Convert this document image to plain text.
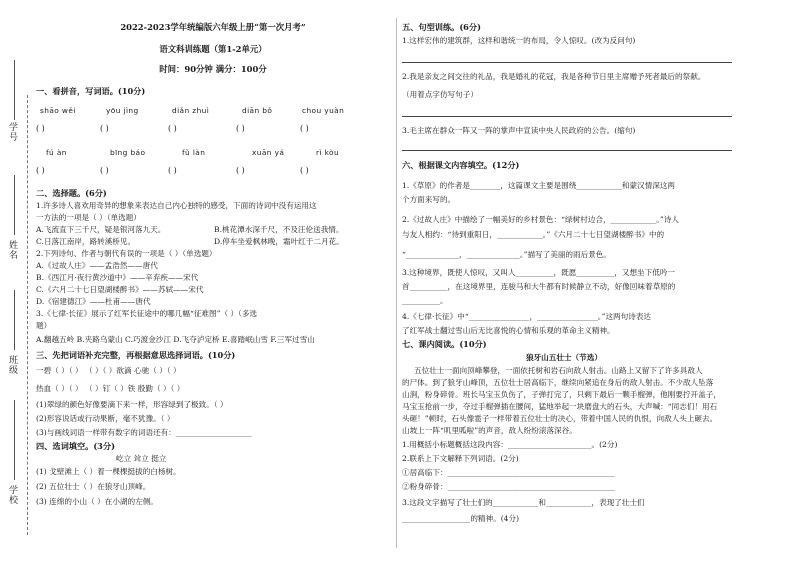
学号
姓名
班级
学校
2022-2023学年统编版六年级上册“第一次月考”
语文科训练题（第1-2单元）
时间：90分钟 满分：100分
一、看拼音，写词语。(10分)
shāo wěi	yōu jìng	diǎn zhuì	diān bǒ	chou yuàn
( )	( )	( )	( )	( )
fú àn	bīng báo	fǔ làn	xuān yá	rì kòu
( )	( )	( )	( )	( )
二、选择题。(6分)
1.许多诗人喜欢用奇异的想象来表达自己内心独特的感受，下面的诗词中没有运用这
一方法的一项是（ ）（单选题）
A.飞流直下三千尺，疑是银河落九天。	B.桃花潭水深千尺，不及汪伦送我情。
C.日落江南岸，路转溪桥见。	D.停车坐爱枫林晚，霜叶红于二月花。
2.下列诗句、作者与朝代有误的一项是（ ）（单选题）
A.《过故人庄》——孟浩然——唐代
B.《西江月·夜行黄沙道中》——辛弃疾——宋代
C.《六月二十七日望湖楼醉书》——苏轼——宋代
D.《宿建德江》——杜甫——唐代
3.《七律·长征》展示了红军长征途中的哪几幅“征难图”（ ）（多选
题）
A.翻越五岭 B.夹路乌蒙山 C.巧渡金沙江 D.飞夺泸定桥 E.喜踏岷山雪 F.三军过雪山
三、先把词语补充完整，再根据意思选择词语。(10分)
一碧（ ）（ ） （ ）（ ）欲滴 心驰（ ）（ ）
热血（ ）（ ） （ ）钉（ ）铁 殷勤（ ）（ ）
(1)翠绿的颜色好像要滴下来一样，形容绿到了极致。（ ）
(2)形容说话或行动果断，毫不犹豫。（ ）
(3)与画线词语一样带有数字的词语还有：____________________
四、选词填空。(3分)
屹立 耸立 挺立
(1) 戈壁滩上（ ）着一棵棵挺拔的白杨树。
(2) 五位壮士（ ）在狼牙山顶峰。
(3) 连绵的小山（ ）在小湖的左侧。
五、句型训练。(6分)
1.这样宏伟的建筑群，这样和谐统一的布局，令人惊叹。(改为反问句)
2.我是亲友之间交往的礼品，我是婚礼的花冠，我是各种节日里主席赠予死者最后的祭献。
（用着点字仿写句子）
3.毛主席在群众一阵又一阵的掌声中宣读中央人民政府的公告。(缩句)
六、根据课文内容填空。(12分)
1.《草原》的作者是________，这篇课文主要是围绕____________和蒙汉情深这两
个方面来写的。
2.《过故人庄》中描绘了一幅美好的乡村景色：“绿树村边合，____________。”诗人
与友人相约：“待到重阳日，____________。”《六月二十七日望湖楼醉书》中的
“______________，______________。”描写了美丽的雨后景色。
3.这种境界，既使人惊叹，又叫人__________，既愿__________，又想坐下低吟一
首__________，在这境界里，连骏马和大牛都有时候静立不动，好像回味着草原的
__________。
4.《七律·长征》中“________________，________________。”这两句诗表达
了红军战士翻过雪山后无比喜悦的心情和乐观的革命主义精神。
七、课内阅读。(10分)
狼牙山五壮士（节选）
五位壮士一面向顶峰攀登，一面依托树和岩石向敌人射击。山路上又留下了许多具敌人
的尸体。到了狼牙山峰顶，五位壮士居高临下，继续向紧追在身后的敌人射击。不少敌人坠落
山涧，粉身碎骨。班长马宝玉负伤了，子弹打完了，只剩下最后一颗手榴弹，他刚要拧开盖子，
马宝玉抢前一步，夺过手榴弹插在腰间，猛地举起一块磨盘大的石头，大声喊：“同志们！用石
头砸！”顿时，石头像雹子一样带着五位壮士的决心，带着中国人民的仇恨，向敌人头上砸去。
山坡上一阵“叽里呱啦”的声音，敌人纷纷滚落深谷。
1.用概括小标题概括这段内容：______________________。(2分)
2.联系上下文解释下列词语。(2分)
①居高临下：____________________________________________
②粉身碎骨：____________________________________________
3.这段文字描写了壮士们的____________和____________，表现了壮士们
__________________的精神。(4分)
